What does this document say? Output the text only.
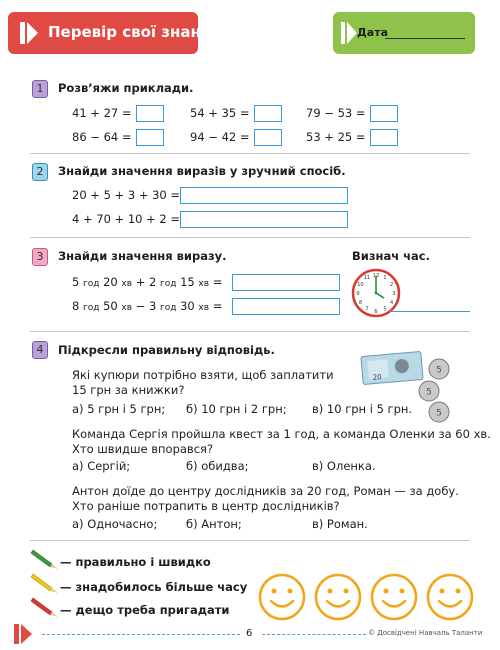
Перевір свої знання	Дата
1	Розв’яжи приклади.
41 + 27 =	54 + 35 =	79 − 53 =
86 − 64 =	94 − 42 =	53 + 25 =
2	Знайди значення виразів у зручний спосіб.
20 + 5 + 3 + 30 =
4 + 70 + 10 + 2 =
3	Знайди значення виразу.
5 год 20 хв + 2 год 15 хв =
8 год 50 хв − 3 год 30 хв =
Визнач час.
12 1
2
3
4
5
6
7
8
9
10
11
4	Підкресли правильну відповідь.
20
5
5
5
Які купюри потрібно взяти, щоб заплатити
15 грн за книжки?
а) 5 грн і 5 грн; б) 10 грн і 2 грн; в) 10 грн і 5 грн.
Команда Сергія пройшла квест за 1 год, а команда Оленки за 60 хв.
Хто швидше впорався?
а) Сергій;	б) обидва;	в) Оленка.
Антон доїде до центру дослідників за 20 год, Роман — за добу.
Хто раніше потрапить в центр дослідників?
а) Одночасно; б) Антон;	в) Роман.
— правильно і швидко
— знадобилось більше часу
— дещо треба пригадати
6	© Досвідчені Навчаль Таланти
